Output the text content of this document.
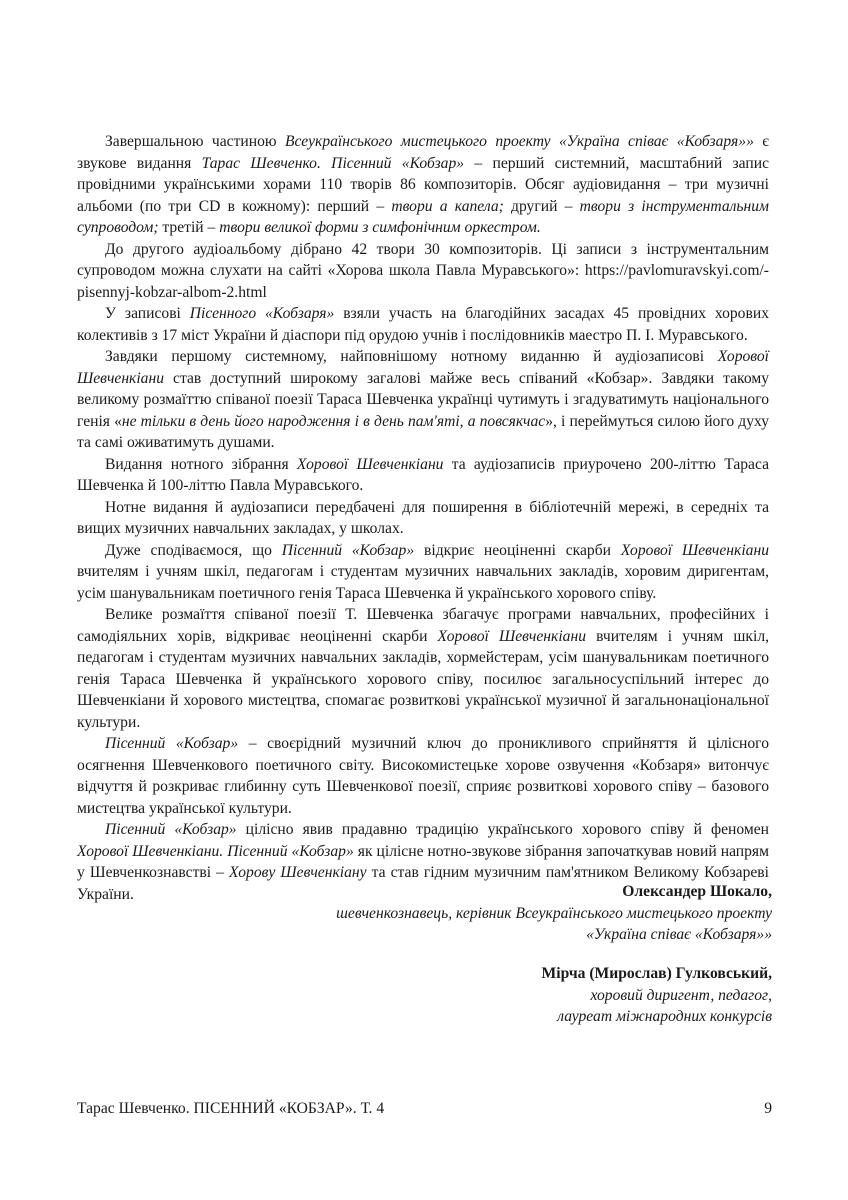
Завершальною частиною Всеукраїнського мистецького проекту «Україна співає «Кобзаря»» є звукове видання Тарас Шевченко. Пісенний «Кобзар» – перший системний, масштабний запис провідними українськими хорами 110 творів 86 композиторів. Обсяг аудіовидання – три музичні альбоми (по три CD в кожному): перший – твори а капела; другий – твори з інструментальним супроводом; третій – твори великої форми з симфонічним оркестром.

До другого аудіоальбому дібрано 42 твори 30 композиторів. Ці записи з інструментальним супроводом можна слухати на сайті «Хорова школа Павла Муравського»: https://pavlomuravskyi.com/-pisennyj-kobzar-albom-2.html

У записові Пісенного «Кобзаря» взяли участь на благодійних засадах 45 провідних хорових колективів з 17 міст України й діаспори під орудою учнів і послідовників маестро П. І. Муравського.

Завдяки першому системному, найповнішому нотному виданню й аудіозаписові Хорової Шевченкіани став доступний широкому загалові майже весь співаний «Кобзар». Завдяки такому великому розмаїттю співаної поезії Тараса Шевченка українці чутимуть і згадуватимуть національного генія «не тільки в день його народження і в день пам'яті, а повсякчас», і переймуться силою його духу та самі оживатимуть душами.

Видання нотного зібрання Хорової Шевченкіани та аудіозаписів приурочено 200-літтю Тараса Шевченка й 100-літтю Павла Муравського.

Нотне видання й аудіозаписи передбачені для поширення в бібліотечній мережі, в середніх та вищих музичних навчальних закладах, у школах.

Дуже сподіваємося, що Пісенний «Кобзар» відкриє неоціненні скарби Хорової Шевченкіани вчителям і учням шкіл, педагогам і студентам музичних навчальних закладів, хоровим диригентам, усім шанувальникам поетичного генія Тараса Шевченка й українського хорового співу.

Велике розмаїття співаної поезії Т. Шевченка збагачує програми навчальних, професійних і самодіяльних хорів, відкриває неоціненні скарби Хорової Шевченкіани вчителям і учням шкіл, педагогам і студентам музичних навчальних закладів, хормейстерам, усім шанувальникам поетичного генія Тараса Шевченка й українського хорового співу, посилює загальносуспільний інтерес до Шевченкіани й хорового мистецтва, спомагає розвиткові української музичної й загальнонаціональної культури.

Пісенний «Кобзар» – своєрідний музичний ключ до проникливого сприйняття й цілісного осягнення Шевченкового поетичного світу. Високомистецьке хорове озвучення «Кобзаря» витончує відчуття й розкриває глибинну суть Шевченкової поезії, сприяє розвиткові хорового співу – базового мистецтва української культури.

Пісенний «Кобзар» цілісно явив прадавню традицію українського хорового співу й феномен Хорової Шевченкіани. Пісенний «Кобзар» як цілісне нотно-звукове зібрання започаткував новий напрям у Шевченкознавстві – Хорову Шевченкіану та став гідним музичним пам'ятником Великому Кобзареві України.	Олександер Шокало,
шевченкознавець, керівник Всеукраїнського мистецького проекту
«Україна співає «Кобзаря»»
Мірча (Мирослав) Гулковський,
хоровий диригент, педагог,
лауреат міжнародних конкурсів
Тарас Шевченко. ПІСЕННИЙ «КОБЗАР». Т. 4	9
